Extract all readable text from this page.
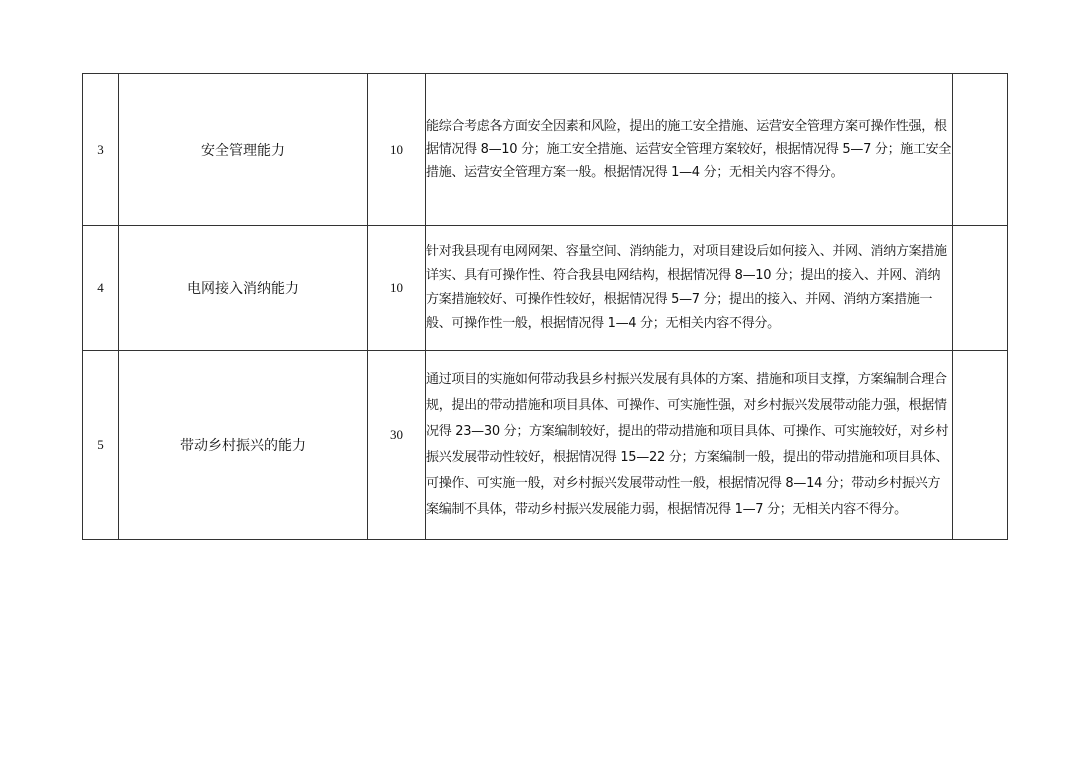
3	安全管理能力	10	能综合考虑各方面安全因素和风险，提出的施工安全措施、运营安全管理方案可操作性强，根据情况得 8—10 分；施工安全措施、运营安全管理方案较好，根据情况得 5—7 分；施工安全措施、运营安全管理方案一般。根据情况得 1—4 分；无相关内容不得分。	
4	电网接入消纳能力	10	针对我县现有电网网架、容量空间、消纳能力，对项目建设后如何接入、并网、消纳方案措施详实、具有可操作性、符合我县电网结构，根据情况得 8—10 分；提出的接入、并网、消纳方案措施较好、可操作性较好，根据情况得 5—7 分；提出的接入、并网、消纳方案措施一般、可操作性一般，根据情况得 1—4 分；无相关内容不得分。	
5	带动乡村振兴的能力	30	通过项目的实施如何带动我县乡村振兴发展有具体的方案、措施和项目支撑，方案编制合理合规，提出的带动措施和项目具体、可操作、可实施性强，对乡村振兴发展带动能力强，根据情况得 23—30 分；方案编制较好，提出的带动措施和项目具体、可操作、可实施较好，对乡村振兴发展带动性较好，根据情况得 15—22 分；方案编制一般，提出的带动措施和项目具体、可操作、可实施一般，对乡村振兴发展带动性一般，根据情况得 8—14 分；带动乡村振兴方案编制不具体，带动乡村振兴发展能力弱，根据情况得 1—7 分；无相关内容不得分。	
